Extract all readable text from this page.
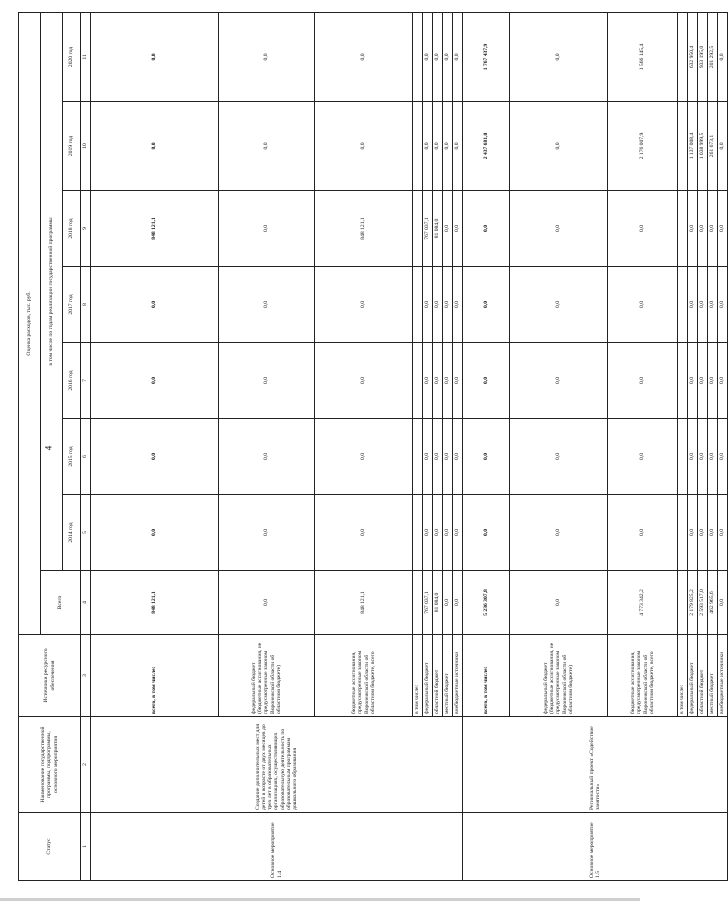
4
Статус	Наименование государственной программы, подпрограммы, основного мероприятия	Источники ресурсного обеспечения	Оценка расходов, тыс. руб.							
			Всего	в том числе по годам реализации государственной программы						
				2014 год	2015 год	2016 год	2017 год	2018 год	2019 год	2020 год
1	2	3	4	5	6	7	8	9	10	11
Основное мероприятие 1.4	Создание дополнительных мест для детей в возрасте от двух месяцев до трех лет в образовательных организациях, осуществляющих образовательную деятельность по образовательным программам дошкольного образования	всего, в том числе:	848 121,1	0,0	0,0	0,0	0,0	848 121,1	0,0	0,0
		федеральный бюджет (бюджетные ассигнования, не предусмотренные законом Воронежской области об областном бюджете)	0,0	0,0	0,0	0,0	0,0	0,0	0,0	0,0
		бюджетные ассигнования, предусмотренные законом Воронежской области об областном бюджете, всего	848 121,1	0,0	0,0	0,0	0,0	848 121,1	0,0	0,0
		в том числе:								
		федеральный бюджет	767 037,1	0,0	0,0	0,0	0,0	767 037,1	0,0	0,0
		областной бюджет	81 084,0	0,0	0,0	0,0	0,0	81 084,0	0,0	0,0
		местный бюджет	0,0	0,0	0,0	0,0	0,0	0,0	0,0	0,0
		внебюджетные источники	0,0	0,0	0,0	0,0	0,0	0,0	0,0	0,0
Основное мероприятие 1.5	Региональный проект «Содействие занятости»	всего, в том числе:	5 236 307,8	0,0	0,0	0,0	0,0	0,0	2 437 681,0	1 767 437,9
		федеральный бюджет (бюджетные ассигнования, не предусмотренные законом Воронежской области об областном бюджете)	0,0	0,0	0,0	0,0	0,0	0,0	0,0	0,0
		бюджетные ассигнования, предусмотренные законом Воронежской области об областном бюджете, всего	4 773 342,2	0,0	0,0	0,0	0,0	0,0	2 176 007,9	1 566 145,4
		в том числе:								
		федеральный бюджет	2 179 825,2	0,0	0,0	0,0	0,0	0,0	1 137 008,4	632 950,4
		областной бюджет	2 593 517,0	0,0	0,0	0,0	0,0	0,0	1 038 999,5	933 195,0
		местный бюджет	462 965,6	0,0	0,0	0,0	0,0	0,0	261 673,1	201 292,5
		внебюджетные источники	0,0	0,0	0,0	0,0	0,0	0,0	0,0	0,0
